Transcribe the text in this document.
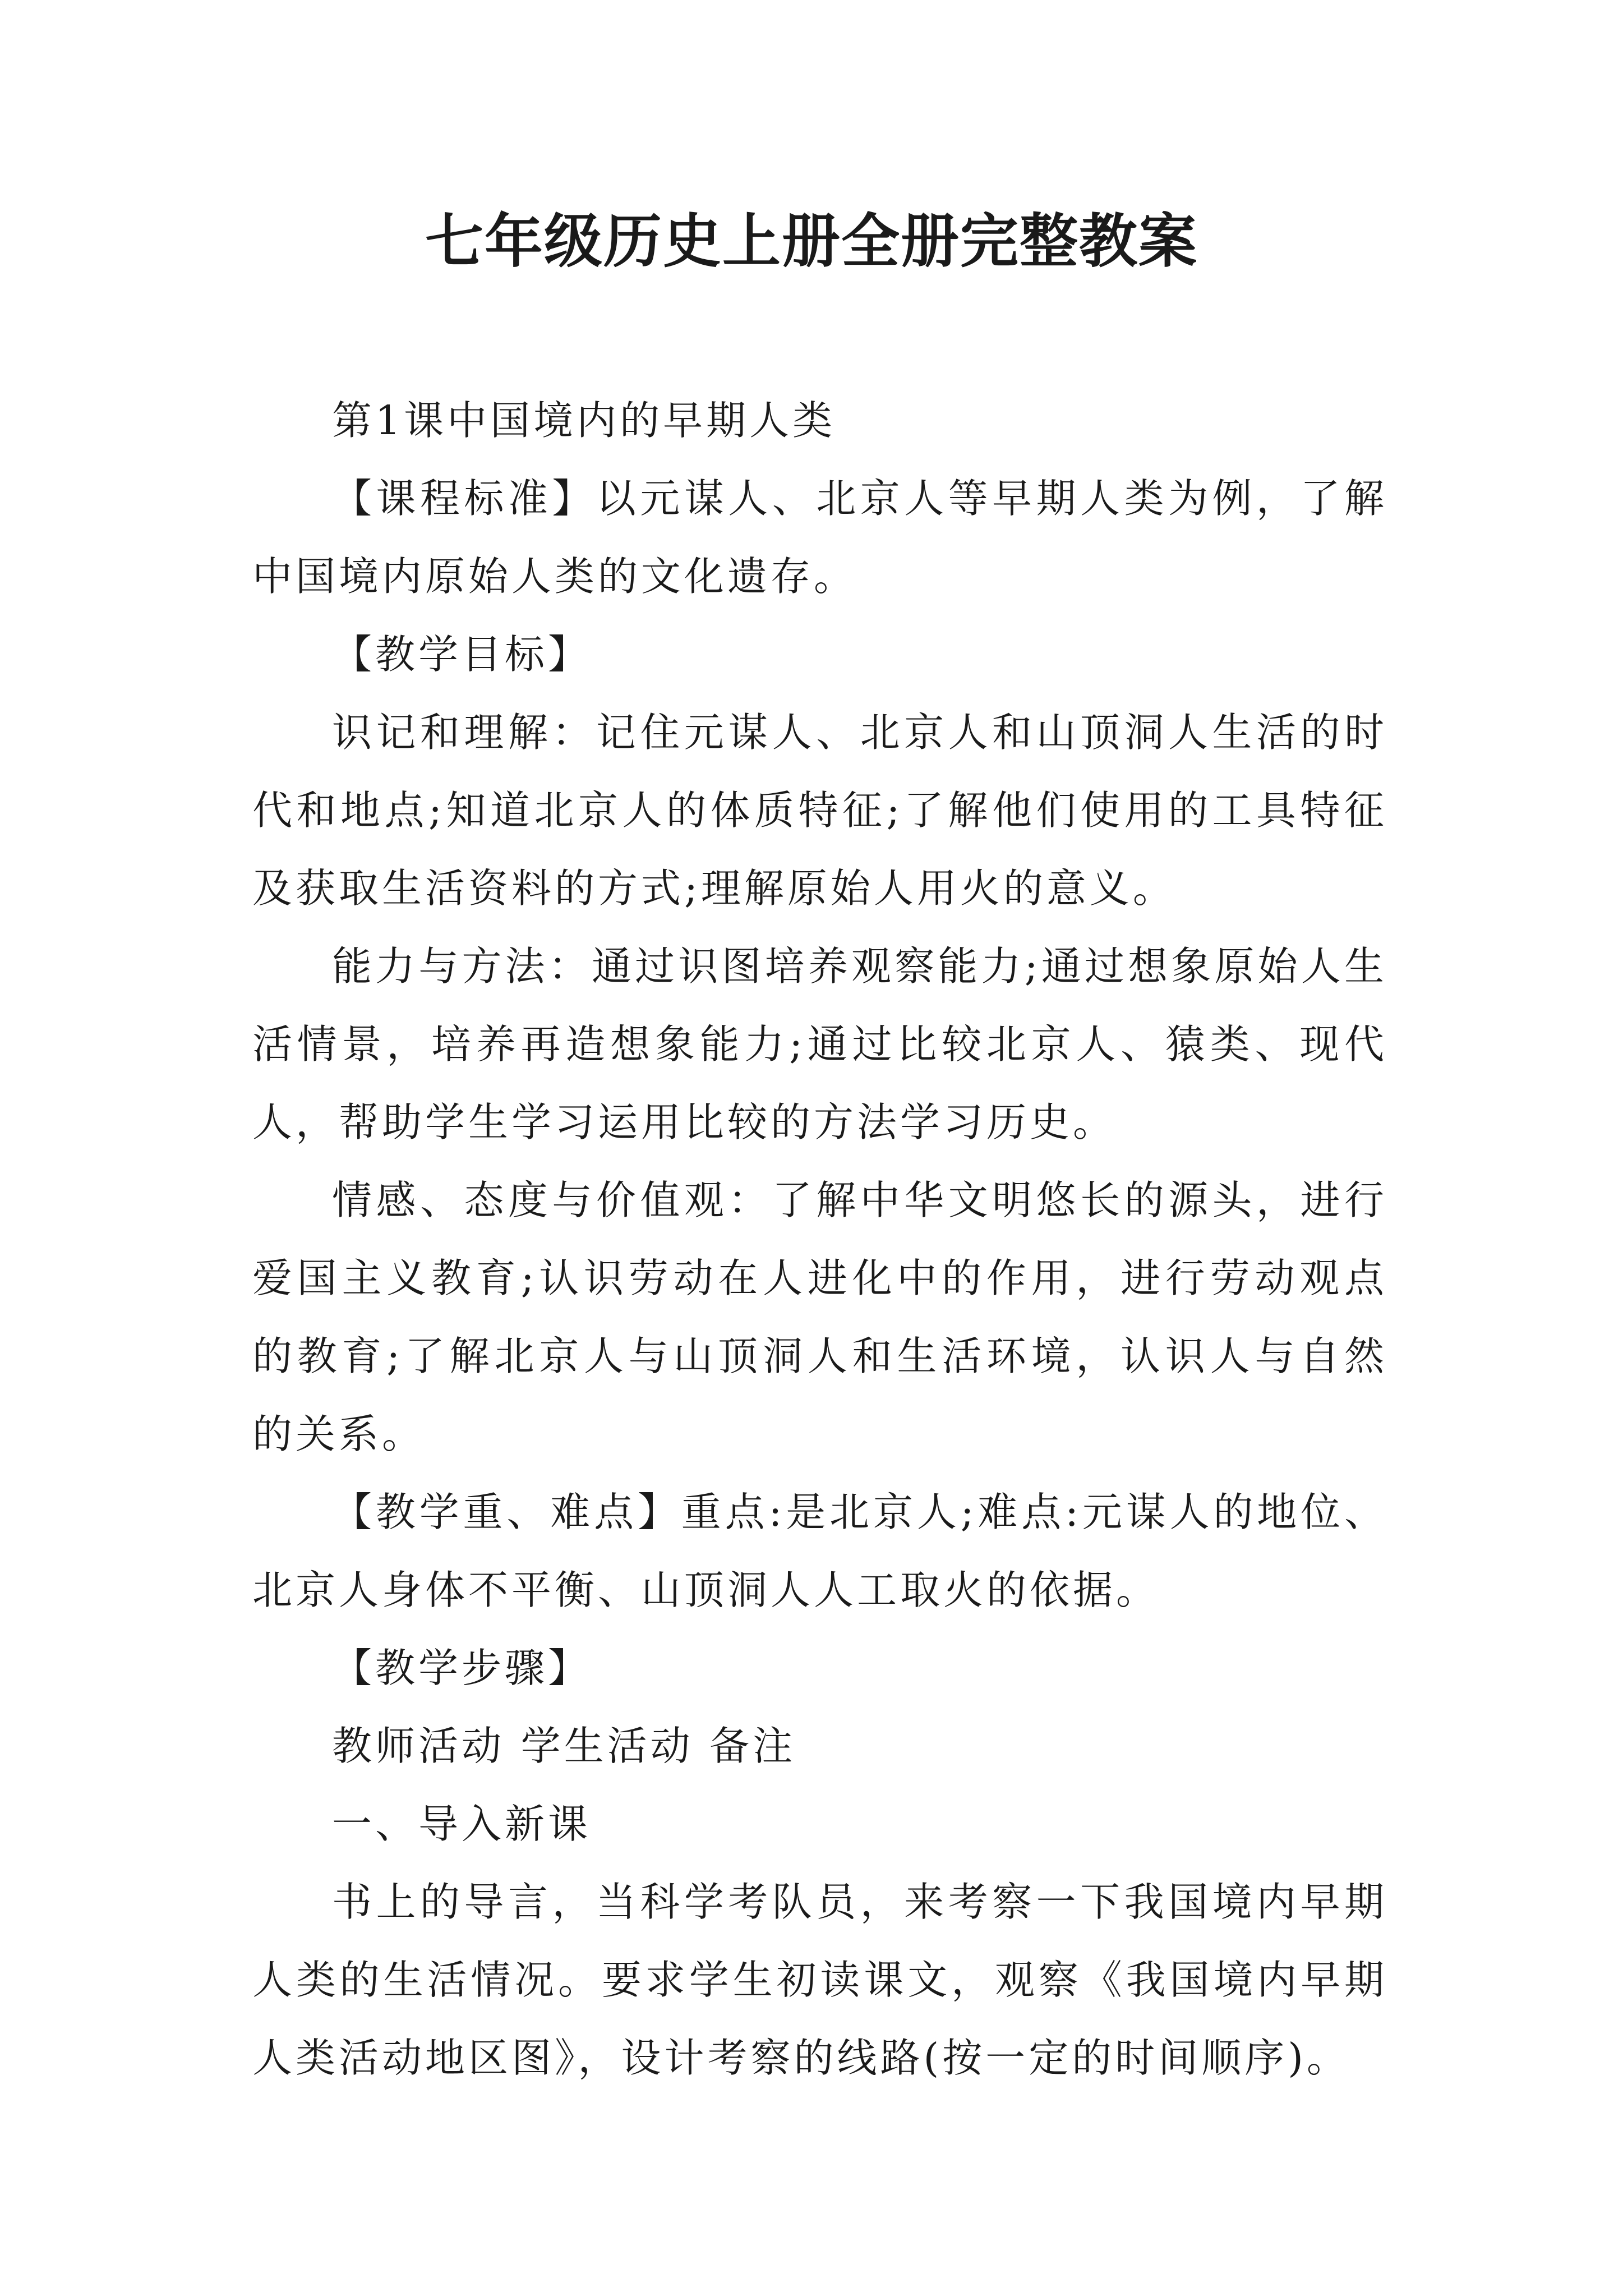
七年级历史上册全册完整教案

第1课中国境内的早期人类

【课程标准】以元谋人、北京人等早期人类为例，了解中国境内原始人类的文化遗存。

【教学目标】

识记和理解：记住元谋人、北京人和山顶洞人生活的时代和地点;知道北京人的体质特征;了解他们使用的工具特征及获取生活资料的方式;理解原始人用火的意义。

能力与方法：通过识图培养观察能力;通过想象原始人生活情景，培养再造想象能力;通过比较北京人、猿类、现代人，帮助学生学习运用比较的方法学习历史。

情感、态度与价值观：了解中华文明悠长的源头，进行爱国主义教育;认识劳动在人进化中的作用，进行劳动观点的教育;了解北京人与山顶洞人和生活环境，认识人与自然的关系。

【教学重、难点】重点:是北京人;难点:元谋人的地位、北京人身体不平衡、山顶洞人人工取火的依据。

【教学步骤】

教师活动 学生活动 备注

一、导入新课

书上的导言，当科学考队员，来考察一下我国境内早期人类的生活情况。要求学生初读课文，观察《我国境内早期人类活动地区图》，设计考察的线路(按一定的时间顺序)。
